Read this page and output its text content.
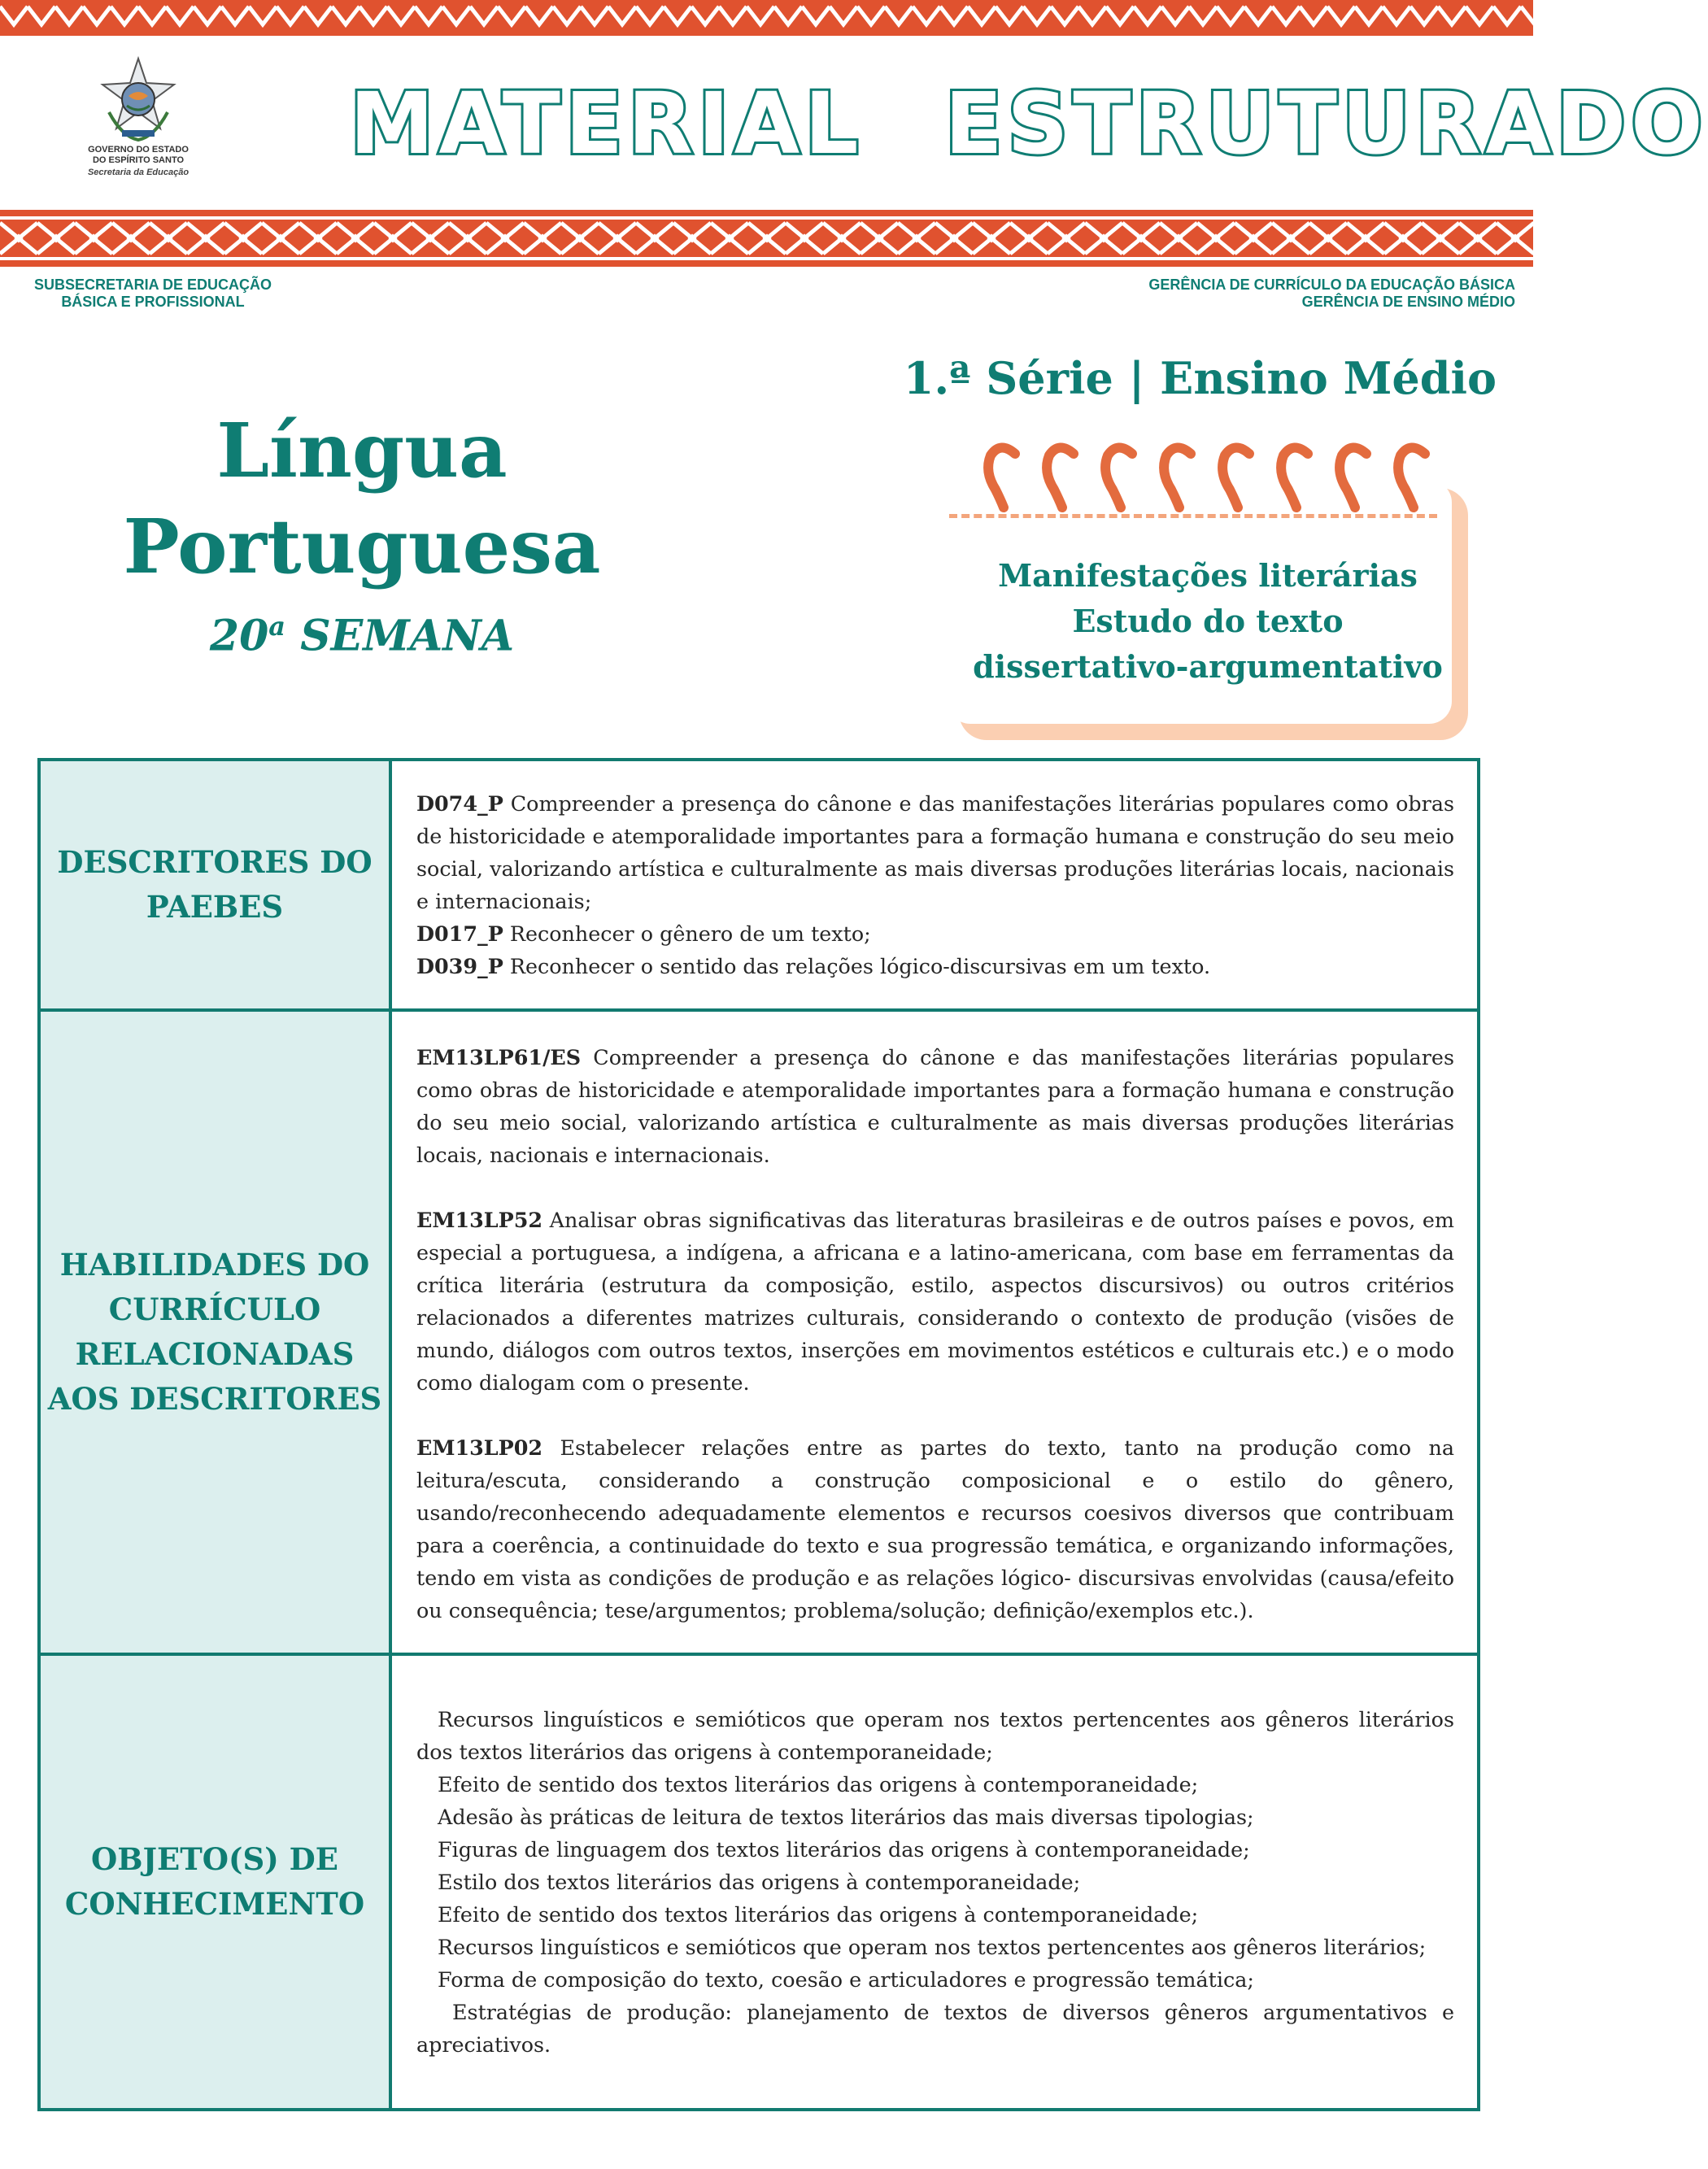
GOVERNO DO ESTADO
DO ESPÍRITO SANTO
Secretaria da Educação MATERIAL ESTRUTURADO
SUBSECRETARIA DE EDUCAÇÃO
BÁSICA E PROFISSIONAL
GERÊNCIA DE CURRÍCULO DA EDUCAÇÃO BÁSICA
GERÊNCIA DE ENSINO MÉDIO
Língua
Portuguesa
20$^a$ SEMANA
1.ª Série | Ensino Médio
Manifestações literárias
Estudo do texto
dissertativo-argumentativo
DESCRITORES DO
PAEBES

D074_P Compreender a presença do cânone e das manifestações literárias populares como obras de historicidade e atemporalidade importantes para a formação humana e construção do seu meio social, valorizando artística e culturalmente as mais diversas produções literárias locais, nacionais e internacionais;

D017_P Reconhecer o gênero de um texto;

D039_P Reconhecer o sentido das relações lógico-discursivas em um texto.

HABILIDADES DO
CURRÍCULO
RELACIONADAS
AOS DESCRITORES

EM13LP61/ES Compreender a presença do cânone e das manifestações literárias populares como obras de historicidade e atemporalidade importantes para a formação humana e construção do seu meio social, valorizando artística e culturalmente as mais diversas produções literárias locais, nacionais e internacionais.

EM13LP52 Analisar obras significativas das literaturas brasileiras e de outros países e povos, em especial a portuguesa, a indígena, a africana e a latino-americana, com base em ferramentas da crítica literária (estrutura da composição, estilo, aspectos discursivos) ou outros critérios relacionados a diferentes matrizes culturais, considerando o contexto de produção (visões de mundo, diálogos com outros textos, inserções em movimentos estéticos e culturais etc.) e o modo como dialogam com o presente.

EM13LP02 Estabelecer relações entre as partes do texto, tanto na produção como na leitura/escuta, considerando a construção composicional e o estilo do gênero, usando/reconhecendo adequadamente elementos e recursos coesivos diversos que contribuam para a coerência, a continuidade do texto e sua progressão temática, e organizando informações, tendo em vista as condições de produção e as relações lógico- discursivas envolvidas (causa/efeito ou consequência; tese/argumentos; problema/solução; definição/exemplos etc.).

OBJETO(S) DE
CONHECIMENTO

Recursos linguísticos e semióticos que operam nos textos pertencentes aos gêneros literários dos textos literários das origens à contemporaneidade;

Efeito de sentido dos textos literários das origens à contemporaneidade;

Adesão às práticas de leitura de textos literários das mais diversas tipologias;

Figuras de linguagem dos textos literários das origens à contemporaneidade;

Estilo dos textos literários das origens à contemporaneidade;

Efeito de sentido dos textos literários das origens à contemporaneidade;

Recursos linguísticos e semióticos que operam nos textos pertencentes aos gêneros literários;

Forma de composição do texto, coesão e articuladores e progressão temática;

Estratégias de produção: planejamento de textos de diversos gêneros argumentativos e apreciativos.
